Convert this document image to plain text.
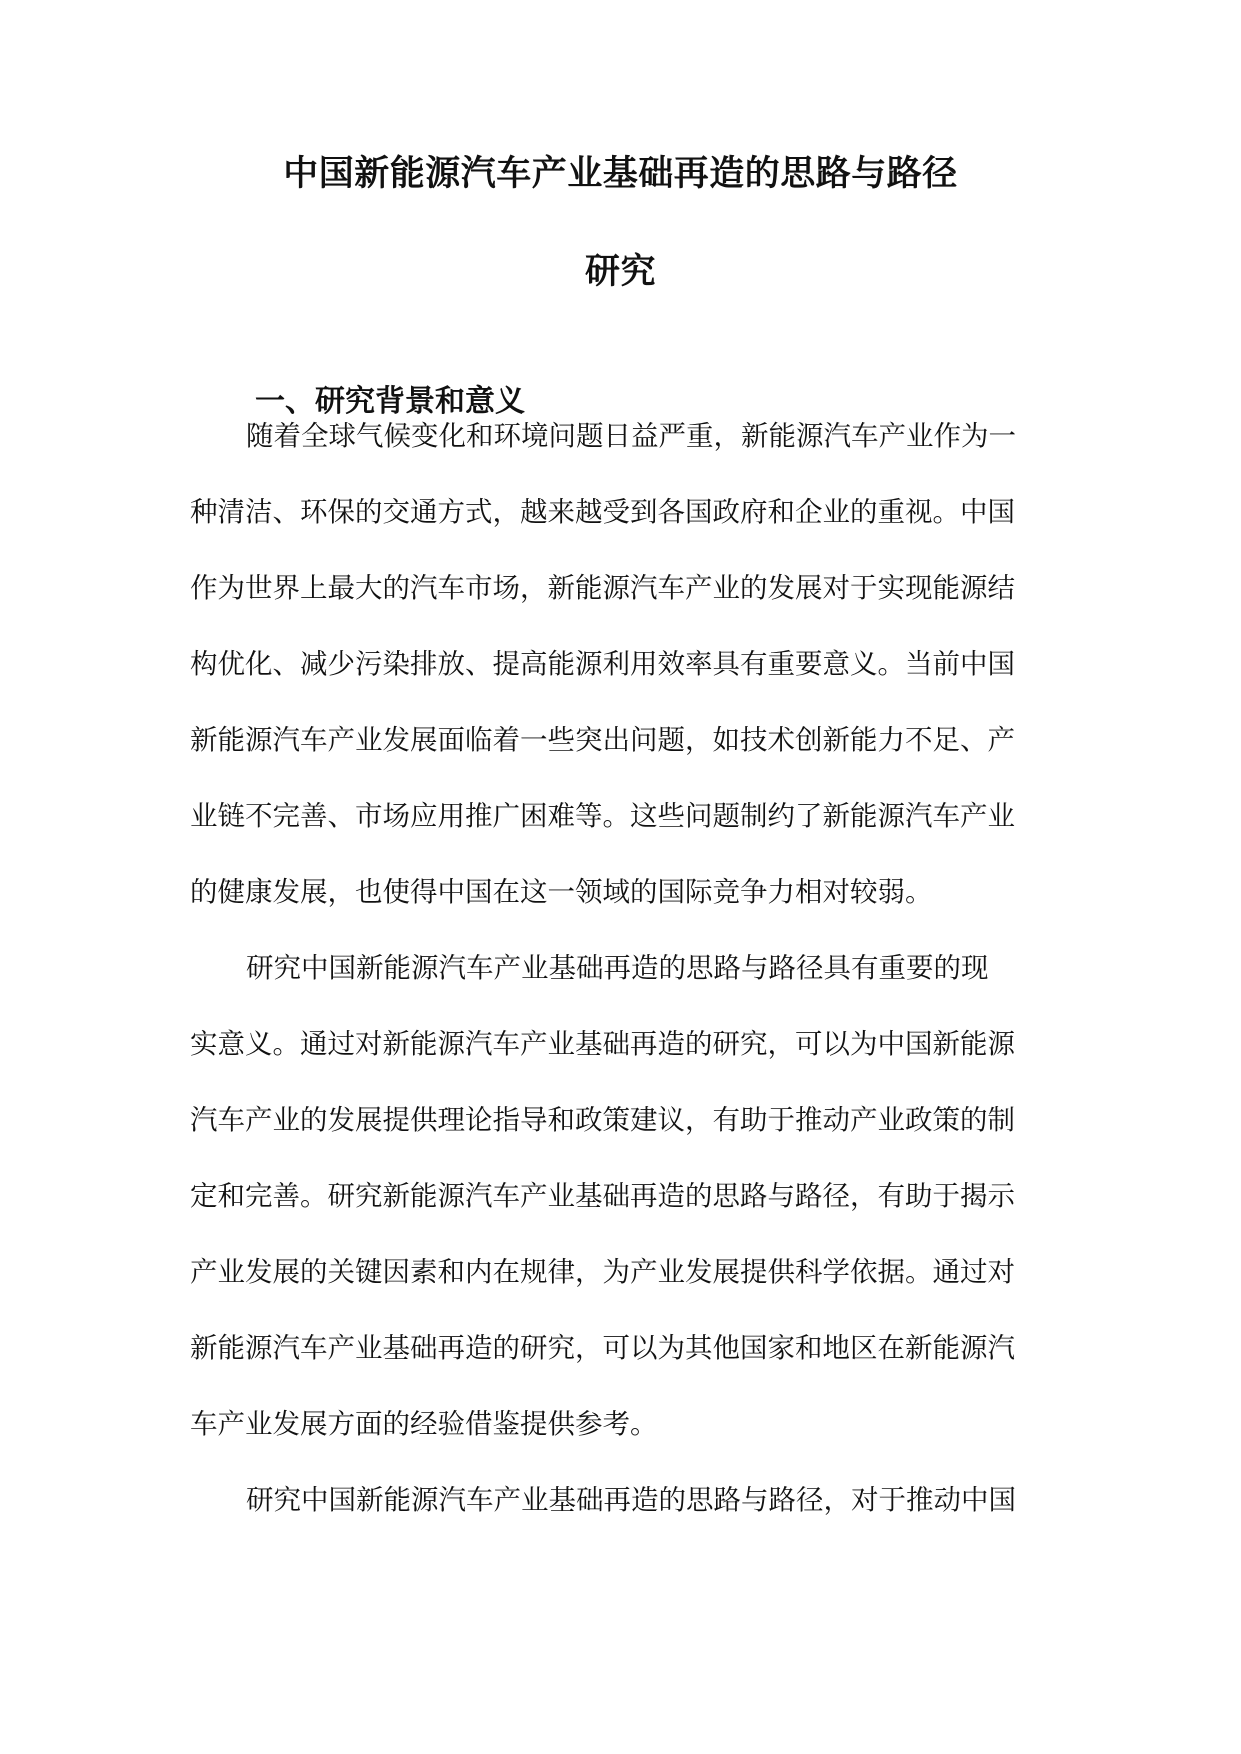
中国新能源汽车产业基础再造的思路与路径
研究
一、研究背景和意义
随着全球气候变化和环境问题日益严重，新能源汽车产业作为一
种清洁、环保的交通方式，越来越受到各国政府和企业的重视。中国
作为世界上最大的汽车市场，新能源汽车产业的发展对于实现能源结
构优化、减少污染排放、提高能源利用效率具有重要意义。当前中国
新能源汽车产业发展面临着一些突出问题，如技术创新能力不足、产
业链不完善、市场应用推广困难等。这些问题制约了新能源汽车产业
的健康发展，也使得中国在这一领域的国际竞争力相对较弱。
研究中国新能源汽车产业基础再造的思路与路径具有重要的现
实意义。通过对新能源汽车产业基础再造的研究，可以为中国新能源
汽车产业的发展提供理论指导和政策建议，有助于推动产业政策的制
定和完善。研究新能源汽车产业基础再造的思路与路径，有助于揭示
产业发展的关键因素和内在规律，为产业发展提供科学依据。通过对
新能源汽车产业基础再造的研究，可以为其他国家和地区在新能源汽
车产业发展方面的经验借鉴提供参考。
研究中国新能源汽车产业基础再造的思路与路径，对于推动中国
